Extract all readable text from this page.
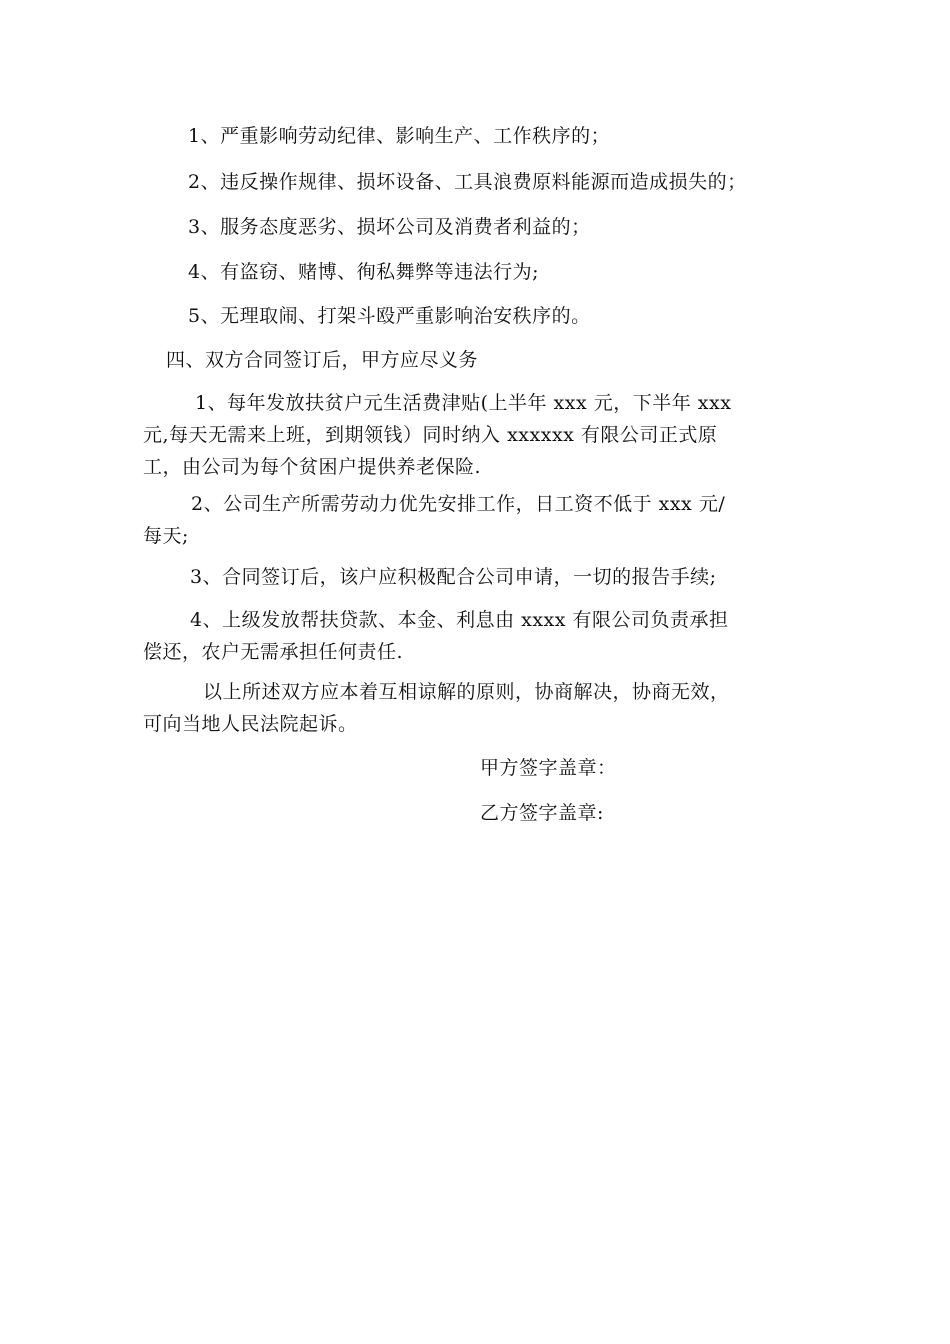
1、严重影响劳动纪律、影响生产、工作秩序的；
2、违反操作规律、损坏设备、工具浪费原料能源而造成损失的；
3、服务态度恶劣、损坏公司及消费者利益的；
4、有盗窃、赌博、徇私舞弊等违法行为;
5、无理取闹、打架斗殴严重影响治安秩序的。
四、双方合同签订后，甲方应尽义务
1、每年发放扶贫户元生活费津贴(上半年 xxx 元，下半年 xxx
元,每天无需来上班，到期领钱）同时纳入 xxxxxx 有限公司正式原
工，由公司为每个贫困户提供养老保险.
2、公司生产所需劳动力优先安排工作，日工资不低于 xxx 元/
每天;
3、合同签订后，该户应积极配合公司申请，一切的报告手续;
4、上级发放帮扶贷款、本金、利息由 xxxx 有限公司负责承担
偿还，农户无需承担任何责任.
以上所述双方应本着互相谅解的原则，协商解决，协商无效，
可向当地人民法院起诉。
甲方签字盖章：
乙方签字盖章:
